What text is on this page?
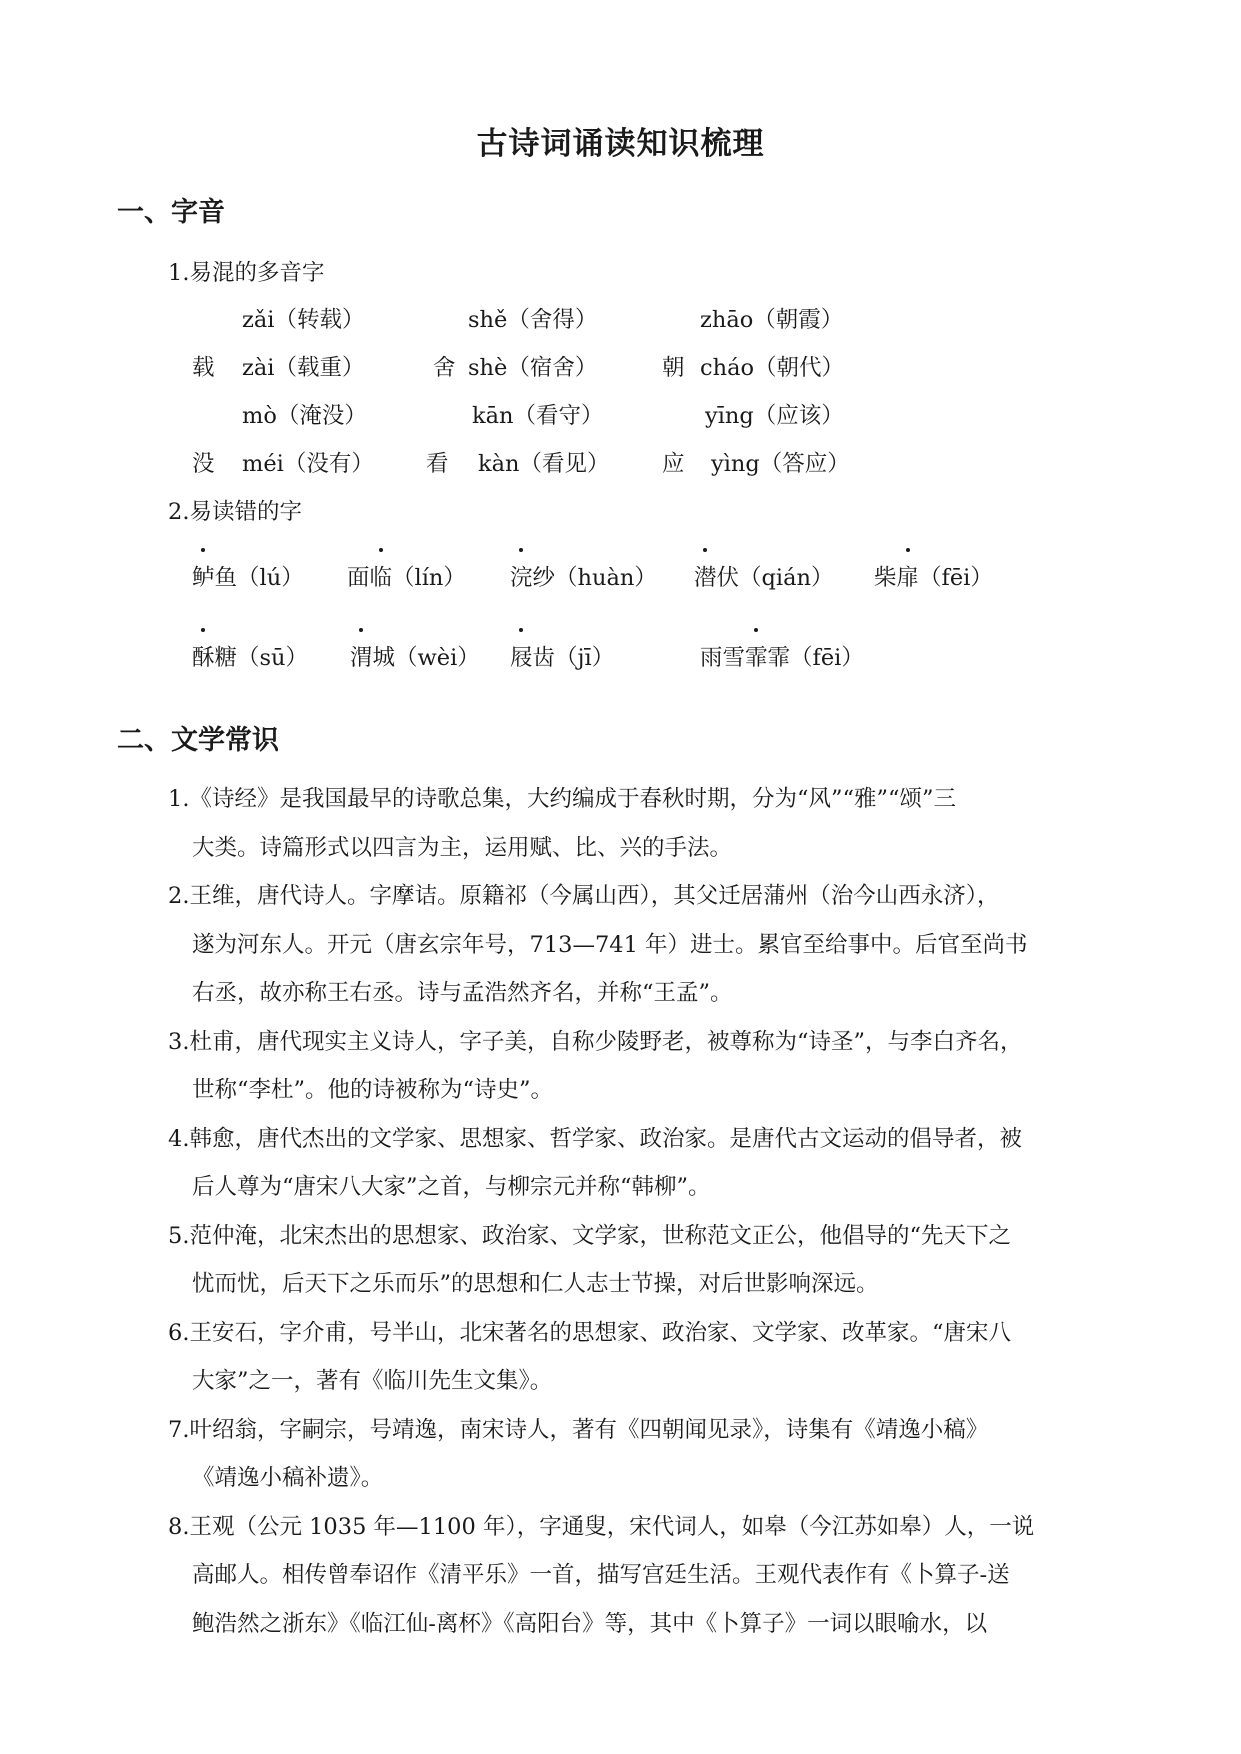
古诗词诵读知识梳理
一、字音
1.易混的多音字
zǎi（转载）	shě（舍得）	zhāo（朝霞）
载 zài（载重）	舍 shè（宿舍）	朝 cháo（朝代）
mò（淹没）	kān（看守）	yīng（应该）
没 méi（没有） 看 kàn（看见） 应 yìng（答应）
2.易读错的字
鲈鱼（lú） 面临（lín） 浣纱（huàn） 潜伏（qián） 柴扉（fēi）
酥糖（sū） 渭城（wèi） 屐齿（jī）	雨雪霏霏（fēi）
二、文学常识
1.《诗经》是我国最早的诗歌总集，大约编成于春秋时期，分为“风”“雅”“颂”三
大类。诗篇形式以四言为主，运用赋、比、兴的手法。
2.王维，唐代诗人。字摩诘。原籍祁（今属山西），其父迁居蒲州（治今山西永济），
遂为河东人。开元（唐玄宗年号，713—741 年）进士。累官至给事中。后官至尚书
右丞，故亦称王右丞。诗与孟浩然齐名，并称“王孟”。
3.杜甫，唐代现实主义诗人，字子美，自称少陵野老，被尊称为“诗圣”，与李白齐名，
世称“李杜”。他的诗被称为“诗史”。
4.韩愈，唐代杰出的文学家、思想家、哲学家、政治家。是唐代古文运动的倡导者，被
后人尊为“唐宋八大家”之首，与柳宗元并称“韩柳”。
5.范仲淹，北宋杰出的思想家、政治家、文学家，世称范文正公，他倡导的“先天下之
忧而忧，后天下之乐而乐”的思想和仁人志士节操，对后世影响深远。
6.王安石，字介甫，号半山，北宋著名的思想家、政治家、文学家、改革家。“唐宋八
大家”之一，著有《临川先生文集》。
7.叶绍翁，字嗣宗，号靖逸，南宋诗人，著有《四朝闻见录》，诗集有《靖逸小稿》
《靖逸小稿补遗》。
8.王观（公元 1035 年—1100 年），字通叟，宋代词人，如皋（今江苏如皋）人，一说
高邮人。相传曾奉诏作《清平乐》一首，描写宫廷生活。王观代表作有《卜算子-送
鲍浩然之浙东》《临江仙-离杯》《高阳台》等，其中《卜算子》一词以眼喻水，以
